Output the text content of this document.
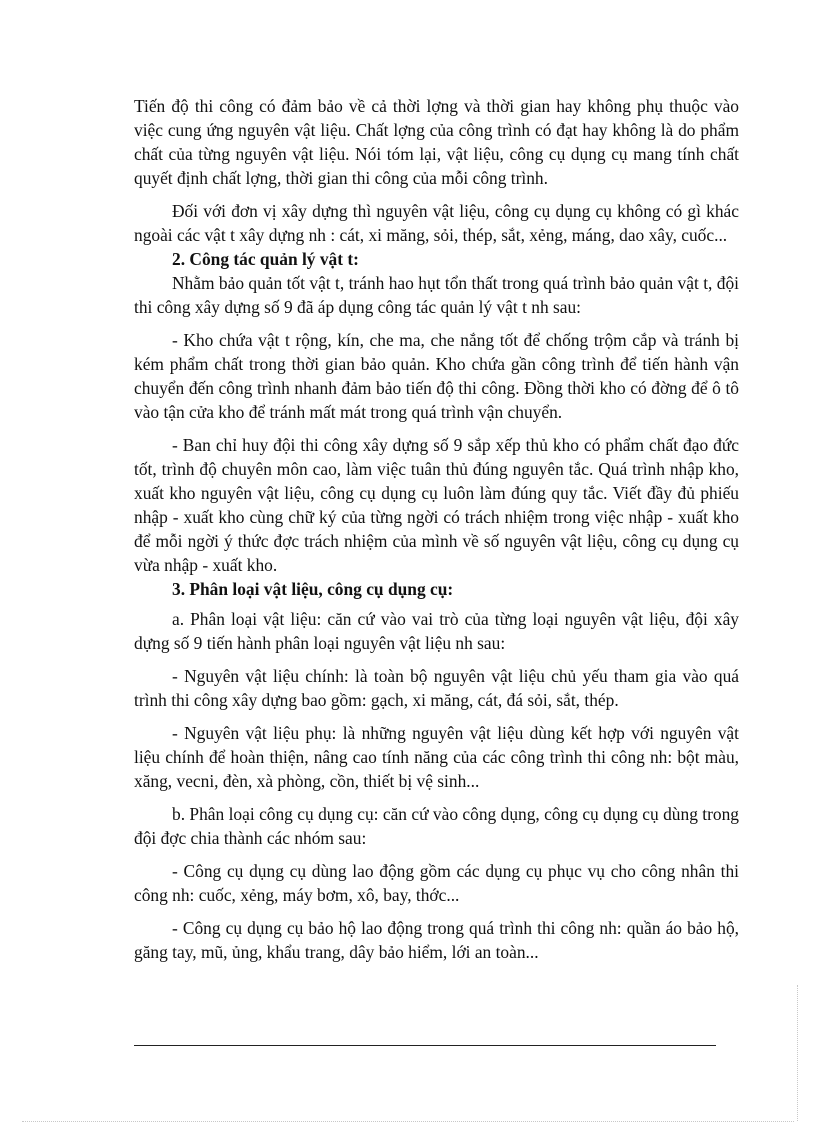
Tiến độ thi công có đảm bảo về cả thời lợng và thời gian hay không phụ thuộc vào việc cung ứng nguyên vật liệu. Chất lợng của công trình có đạt hay không là do phẩm chất của từng nguyên vật liệu. Nói tóm lại, vật liệu, công cụ dụng cụ mang tính chất quyết định chất lợng, thời gian thi công của mỗi công trình.

Đối với đơn vị xây dựng thì nguyên vật liệu, công cụ dụng cụ không có gì khác ngoài các vật t xây dựng nh : cát, xi măng, sỏi, thép, sắt, xẻng, máng, dao xây, cuốc...

2. Công tác quản lý vật t:

Nhằm bảo quản tốt vật t, tránh hao hụt tổn thất trong quá trình bảo quản vật t, đội thi công xây dựng số 9 đã áp dụng công tác quản lý vật t nh sau:

- Kho chứa vật t rộng, kín, che ma, che nắng tốt để chống trộm cắp và tránh bị kém phẩm chất trong thời gian bảo quản. Kho chứa gần công trình để tiến hành vận chuyển đến công trình nhanh đảm bảo tiến độ thi công. Đồng thời kho có đờng để ô tô vào tận cửa kho để tránh mất mát trong quá trình vận chuyển.

- Ban chỉ huy đội thi công xây dựng số 9 sắp xếp thủ kho có phẩm chất đạo đức tốt, trình độ chuyên môn cao, làm việc tuân thủ đúng nguyên tắc. Quá trình nhập kho, xuất kho nguyên vật liệu, công cụ dụng cụ luôn làm đúng quy tắc. Viết đầy đủ phiếu nhập - xuất kho cùng chữ ký của từng ngời có trách nhiệm trong việc nhập - xuất kho để mỗi ngời ý thức đợc trách nhiệm của mình về số nguyên vật liệu, công cụ dụng cụ vừa nhập - xuất kho.

3. Phân loại vật liệu, công cụ dụng cụ:

a. Phân loại vật liệu: căn cứ vào vai trò của từng loại nguyên vật liệu, đội xây dựng số 9 tiến hành phân loại nguyên vật liệu nh sau:

- Nguyên vật liệu chính: là toàn bộ nguyên vật liệu chủ yếu tham gia vào quá trình thi công xây dựng bao gồm: gạch, xi măng, cát, đá sỏi, sắt, thép.

- Nguyên vật liệu phụ: là những nguyên vật liệu dùng kết hợp với nguyên vật liệu chính để hoàn thiện, nâng cao tính năng của các công trình thi công nh: bột màu, xăng, vecni, đèn, xà phòng, cồn, thiết bị vệ sinh...

b. Phân loại công cụ dụng cụ: căn cứ vào công dụng, công cụ dụng cụ dùng trong đội đợc chia thành các nhóm sau:

- Công cụ dụng cụ dùng lao động gồm các dụng cụ phục vụ cho công nhân thi công nh: cuốc, xẻng, máy bơm, xô, bay, thớc...

- Công cụ dụng cụ bảo hộ lao động trong quá trình thi công nh: quần áo bảo hộ, găng tay, mũ, ủng, khẩu trang, dây bảo hiểm, lới an toàn...
